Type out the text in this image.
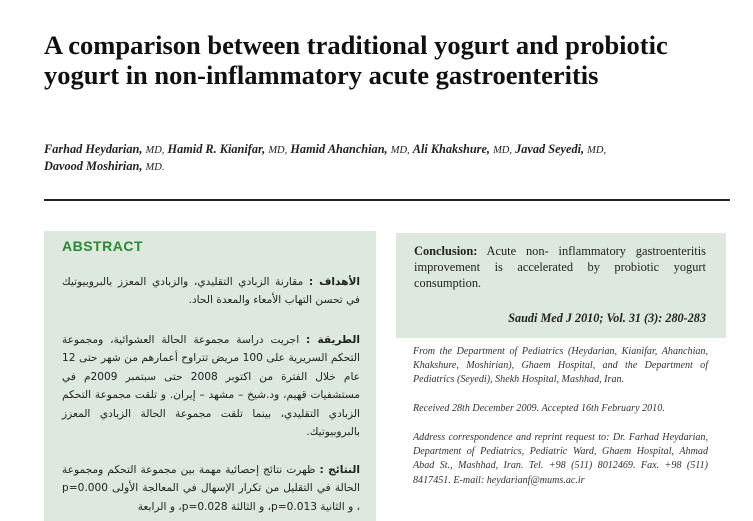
A comparison between traditional yogurt and probiotic yogurt in non-inflammatory acute gastroenteritis
Farhad Heydarian, MD, Hamid R. Kianifar, MD, Hamid Ahanchian, MD, Ali Khakshure, MD, Javad Seyedi, MD,
Davood Moshirian, MD.
ABSTRACT
الأهداف : مقارنة الزبادي التقليدي، والزبادي المعزز بالبروبيوتيك في تحسن التهاب الأمعاء والمعدة الحاد.
الطريقة : اجريت دراسة مجموعة الحالة العشوائية، ومجموعة التحكم السريرية على 100 مريض تتراوح أعمارهم من شهر حتى 12 عام خلال الفترة من اكتوبر 2008 حتى سبتمبر 2009م في مستشفيات قهيم، ود.شيخ – مشهد – إيران. و تلقت مجموعة التحكم الزبادي التقليدي، بينما تلقت مجموعة الحالة الزبادي المعزز بالبروبيوتيك.
النتائج : ظهرت نتائج إحصائية مهمة بين مجموعة التحكم ومجموعة الحالة في التقليل من تكرار الإسهال في المعالجة الأولى p=0.000 ، و الثانية p=0.013، و الثالثة p=0.028، و الرابعة
Conclusion: Acute non- inflammatory gastroenteritis improvement is accelerated by probiotic yogurt consumption.
Saudi Med J 2010; Vol. 31 (3): 280-283
From the Department of Pediatrics (Heydarian, Kianifar, Ahanchian, Khakshure, Moshirian), Ghaem Hospital, and the Department of Pediatrics (Seyedi), Shekh Hospital, Mashhad, Iran.
Received 28th December 2009. Accepted 16th February 2010.
Address correspondence and reprint request to: Dr. Farhad Heydarian, Department of Pediatrics, Pediatric Ward, Ghaem Hospital, Ahmad Abad St., Mashhad, Iran. Tel. +98 (511) 8012469. Fax. +98 (511) 8417451. E-mail: heydarianf@mums.ac.ir
